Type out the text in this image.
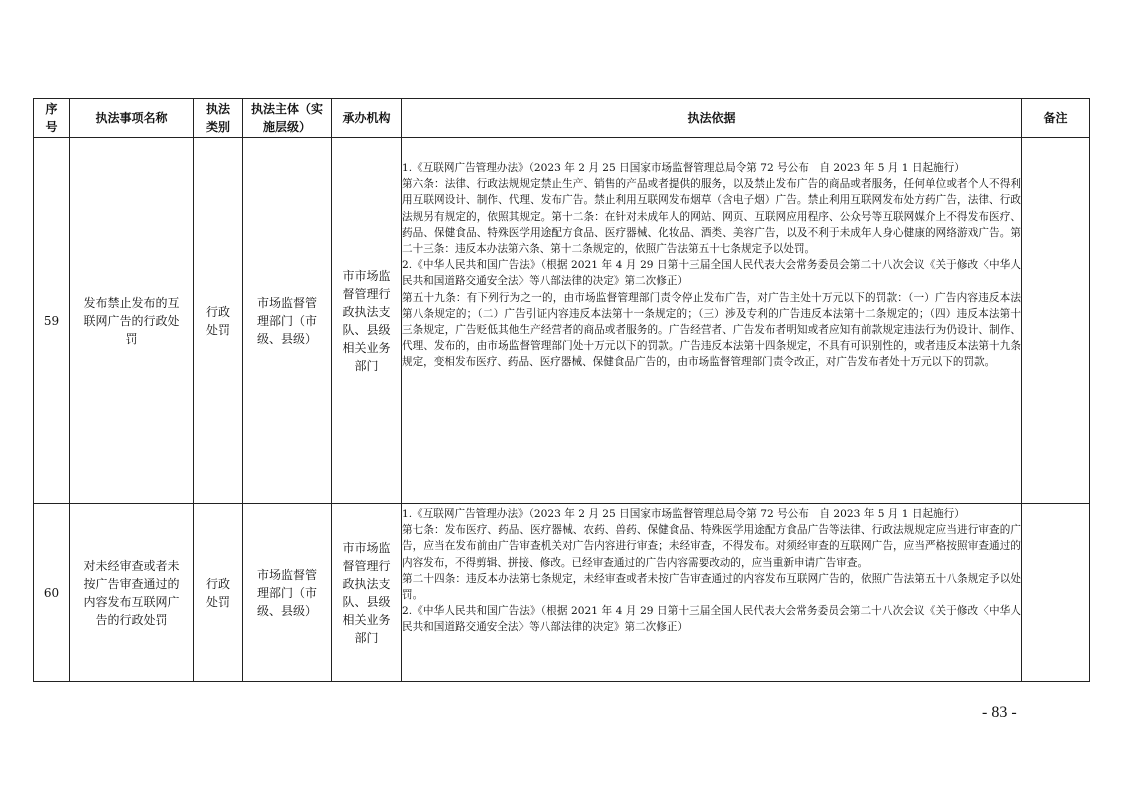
序号	执法事项名称	执法类别	执法主体（实施层级）	承办机构	执法依据	备注
59	发布禁止发布的互联网广告的行政处罚	行政处罚	市场监督管理部门（市级、县级）	市市场监督管理行政执法支队、县级相关业务部门	1.《互联网广告管理办法》（2023 年 2 月 25 日国家市场监督管理总局令第 72 号公布　自 2023 年 5 月 1 日起施行）

第六条：法律、行政法规规定禁止生产、销售的产品或者提供的服务，以及禁止发布广告的商品或者服务，任何单位或者个人不得利用互联网设计、制作、代理、发布广告。禁止利用互联网发布烟草（含电子烟）广告。禁止利用互联网发布处方药广告，法律、行政法规另有规定的，依照其规定。第十二条：在针对未成年人的网站、网页、互联网应用程序、公众号等互联网媒介上不得发布医疗、药品、保健食品、特殊医学用途配方食品、医疗器械、化妆品、酒类、美容广告，以及不利于未成年人身心健康的网络游戏广告。第二十三条：违反本办法第六条、第十二条规定的，依照广告法第五十七条规定予以处罚。

2.《中华人民共和国广告法》（根据 2021 年 4 月 29 日第十三届全国人民代表大会常务委员会第二十八次会议《关于修改〈中华人民共和国道路交通安全法〉等八部法律的决定》第二次修正）

第五十九条：有下列行为之一的，由市场监督管理部门责令停止发布广告，对广告主处十万元以下的罚款：（一）广告内容违反本法第八条规定的；（二）广告引证内容违反本法第十一条规定的；（三）涉及专利的广告违反本法第十二条规定的；（四）违反本法第十三条规定，广告贬低其他生产经营者的商品或者服务的。广告经营者、广告发布者明知或者应知有前款规定违法行为仍设计、制作、代理、发布的，由市场监督管理部门处十万元以下的罚款。广告违反本法第十四条规定，不具有可识别性的，或者违反本法第十九条规定，变相发布医疗、药品、医疗器械、保健食品广告的，由市场监督管理部门责令改正，对广告发布者处十万元以下的罚款。	

60	对未经审查或者未按广告审查通过的内容发布互联网广告的行政处罚	行政处罚	市场监督管理部门（市级、县级）	市市场监督管理行政执法支队、县级相关业务部门	1.《互联网广告管理办法》（2023 年 2 月 25 日国家市场监督管理总局令第 72 号公布　自 2023 年 5 月 1 日起施行）

第七条：发布医疗、药品、医疗器械、农药、兽药、保健食品、特殊医学用途配方食品广告等法律、行政法规规定应当进行审查的广告，应当在发布前由广告审查机关对广告内容进行审查；未经审查，不得发布。对须经审查的互联网广告，应当严格按照审查通过的内容发布，不得剪辑、拼接、修改。已经审查通过的广告内容需要改动的，应当重新申请广告审查。

第二十四条：违反本办法第七条规定，未经审查或者未按广告审查通过的内容发布互联网广告的，依照广告法第五十八条规定予以处罚。

2.《中华人民共和国广告法》（根据 2021 年 4 月 29 日第十三届全国人民代表大会常务委员会第二十八次会议《关于修改〈中华人民共和国道路交通安全法〉等八部法律的决定》第二次修正）	

- 83 -
